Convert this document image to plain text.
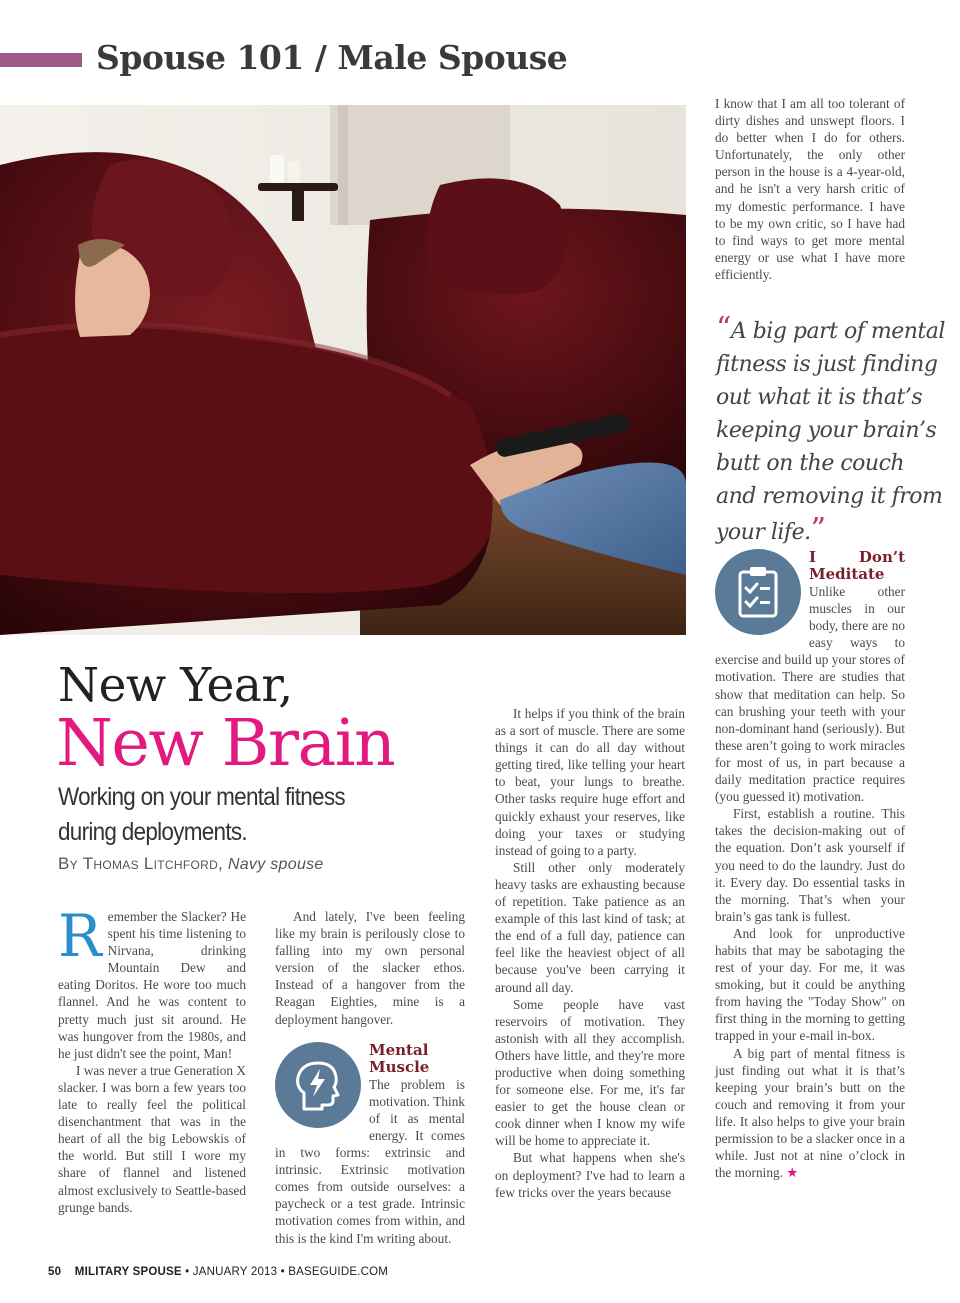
Spouse 101 / Male Spouse

I know that I am all too tolerant of dirty dishes and unswept floors. I do better when I do for others. Unfortunately, the only other person in the house is a 4-year-old, and he isn't a very harsh critic of my domestic performance. I have to be my own critic, so I have had to find ways to get more mental energy or use what I have more efficiently.

“A big part of mental fitness is just finding out what it is that’s keeping your brain’s butt on the couch and removing it from your life.”
New Year,
New Brain
Working on your mental fitness during deployments.
By Thomas Litchford, Navy spouse
R emember the Slacker? He spent his time listening to Nirvana, drinking Mountain Dew and eating Doritos. He wore too much flannel. And he was content to pretty much just sit around. He was hungover from the 1980s, and he just didn't see the point, Man!

I was never a true Generation X slacker. I was born a few years too late to really feel the political disenchantment that was in the heart of all the big Lebowskis of the world. But still I wore my share of flannel and listened almost exclusively to Seattle-based grunge bands.

And lately, I've been feeling like my brain is perilously close to falling into my own personal version of the slacker ethos. Instead of a hangover from the Reagan Eighties, mine is a deployment hangover.

Mental Muscle

The problem is motivation. Think of it as mental energy. It comes in two forms: extrinsic and intrinsic. Extrinsic motivation comes from outside ourselves: a paycheck or a test grade. Intrinsic motivation comes from within, and this is the kind I'm writing about.

It helps if you think of the brain as a sort of muscle. There are some things it can do all day without getting tired, like telling your heart to beat, your lungs to breathe. Other tasks require huge effort and quickly exhaust your reserves, like doing your taxes or studying instead of going to a party.

Still other only moderately heavy tasks are exhausting because of repetition. Take patience as an example of this last kind of task; at the end of a full day, patience can feel like the heaviest object of all because you've been carrying it around all day.

Some people have vast reservoirs of motivation. They astonish with all they accomplish. Others have little, and they're more productive when doing something for someone else. For me, it's far easier to get the house clean or cook dinner when I know my wife will be home to appreciate it.

But what happens when she's on deployment? I've had to learn a few tricks over the years because

I Don’t Meditate

Unlike other muscles in our body, there are no easy ways to exercise and build up your stores of motivation. There are studies that show that meditation can help. So can brushing your teeth with your non-dominant hand (seriously). But these aren’t going to work miracles for most of us, in part because a daily meditation practice requires (you guessed it) motivation.

First, establish a routine. This takes the decision-making out of the equation. Don’t ask yourself if you need to do the laundry. Just do it. Every day. Do essential tasks in the morning. That’s when your brain’s gas tank is fullest.

And look for unproductive habits that may be sabotaging the rest of your day. For me, it was smoking, but it could be anything from having the "Today Show" on first thing in the morning to getting trapped in your e-mail in-box.

A big part of mental fitness is just finding out what it is that’s keeping your brain’s butt on the couch and removing it from your life. It also helps to give your brain permission to be a slacker once in a while. Just not at nine o’clock in the morning. ★

50 MILITARY SPOUSE • JANUARY 2013 • BASEGUIDE.COM
